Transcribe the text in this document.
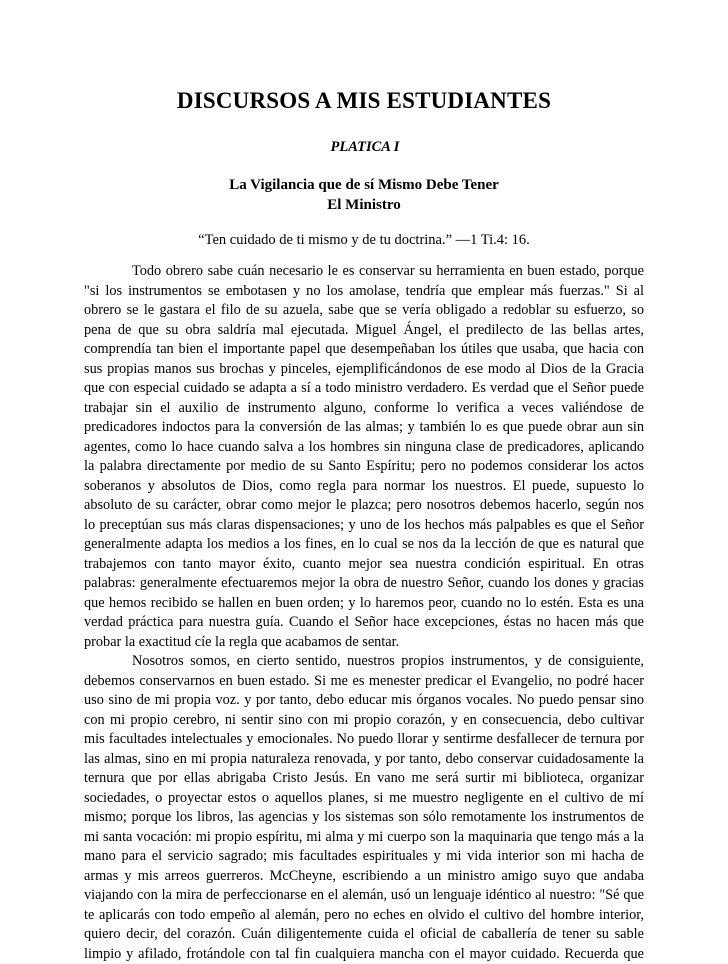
DISCURSOS A MIS ESTUDIANTES
PLATICA I
La Vigilancia que de sí Mismo Debe Tener
El Ministro
“Ten cuidado de ti mismo y de tu doctrina.” —1 Ti.4: 16.
Todo obrero sabe cuán necesario le es conservar su herramienta en buen estado, porque
"si los instrumentos se embotasen y no los amolase, tendría que emplear más fuerzas." Si al
obrero se le gastara el filo de su azuela, sabe que se vería obligado a redoblar su esfuerzo, so
pena de que su obra saldría mal ejecutada. Miguel Ángel, el predilecto de las bellas artes,
comprendía tan bien el importante papel que desempeñaban los útiles que usaba, que hacia con
sus propias manos sus brochas y pinceles, ejemplificándonos de ese modo al Dios de la Gracia
que con especial cuidado se adapta a sí a todo ministro verdadero. Es verdad que el Señor puede
trabajar sin el auxilio de instrumento alguno, conforme lo verifica a veces valiéndose de
predicadores indoctos para la conversión de las almas; y también lo es que puede obrar aun sin
agentes, como lo hace cuando salva a los hombres sin ninguna clase de predicadores, aplicando
la palabra directamente por medio de su Santo Espíritu; pero no podemos considerar los actos
soberanos y absolutos de Dios, como regla para normar los nuestros. El puede, supuesto lo
absoluto de su carácter, obrar como mejor le plazca; pero nosotros debemos hacerlo, según nos
lo preceptúan sus más claras dispensaciones; y uno de los hechos más palpables es que el Señor
generalmente adapta los medios a los fines, en lo cual se nos da la lección de que es natural que
trabajemos con tanto mayor éxito, cuanto mejor sea nuestra condición espiritual. En otras
palabras: generalmente efectuaremos mejor la obra de nuestro Señor, cuando los dones y gracias
que hemos recibido se hallen en buen orden; y lo haremos peor, cuando no lo estén. Esta es una
verdad práctica para nuestra guía. Cuando el Señor hace excepciones, éstas no hacen más que
probar la exactitud cíe la regla que acabamos de sentar.
Nosotros somos, en cierto sentido, nuestros propios instrumentos, y de consiguiente,
debemos conservarnos en buen estado. Si me es menester predicar el Evangelio, no podré hacer
uso sino de mi propia voz. y por tanto, debo educar mis órganos vocales. No puedo pensar sino
con mi propio cerebro, ni sentir sino con mi propio corazón, y en consecuencia, debo cultivar
mis facultades intelectuales y emocionales. No puedo llorar y sentirme desfallecer de ternura por
las almas, sino en mi propia naturaleza renovada, y por tanto, debo conservar cuidadosamente la
ternura que por ellas abrigaba Cristo Jesús. En vano me será surtir mi biblioteca, organizar
sociedades, o proyectar estos o aquellos planes, si me muestro negligente en el cultivo de mí
mismo; porque los libros, las agencias y los sistemas son sólo remotamente los instrumentos de
mi santa vocación: mi propio espíritu, mi alma y mi cuerpo son la maquinaria que tengo más a la
mano para el servicio sagrado; mis facultades espirituales y mi vida interior son mi hacha de
armas y mis arreos guerreros. McCheyne, escribiendo a un ministro amigo suyo que andaba
viajando con la mira de perfeccionarse en el alemán, usó un lenguaje idéntico al nuestro: "Sé que
te aplicarás con todo empeño al alemán, pero no eches en olvido el cultivo del hombre interior,
quiero decir, del corazón. Cuán diligentemente cuida el oficial de caballería de tener su sable
limpio y afilado, frotándole con tal fin cualquiera mancha con el mayor cuidado. Recuerda que
